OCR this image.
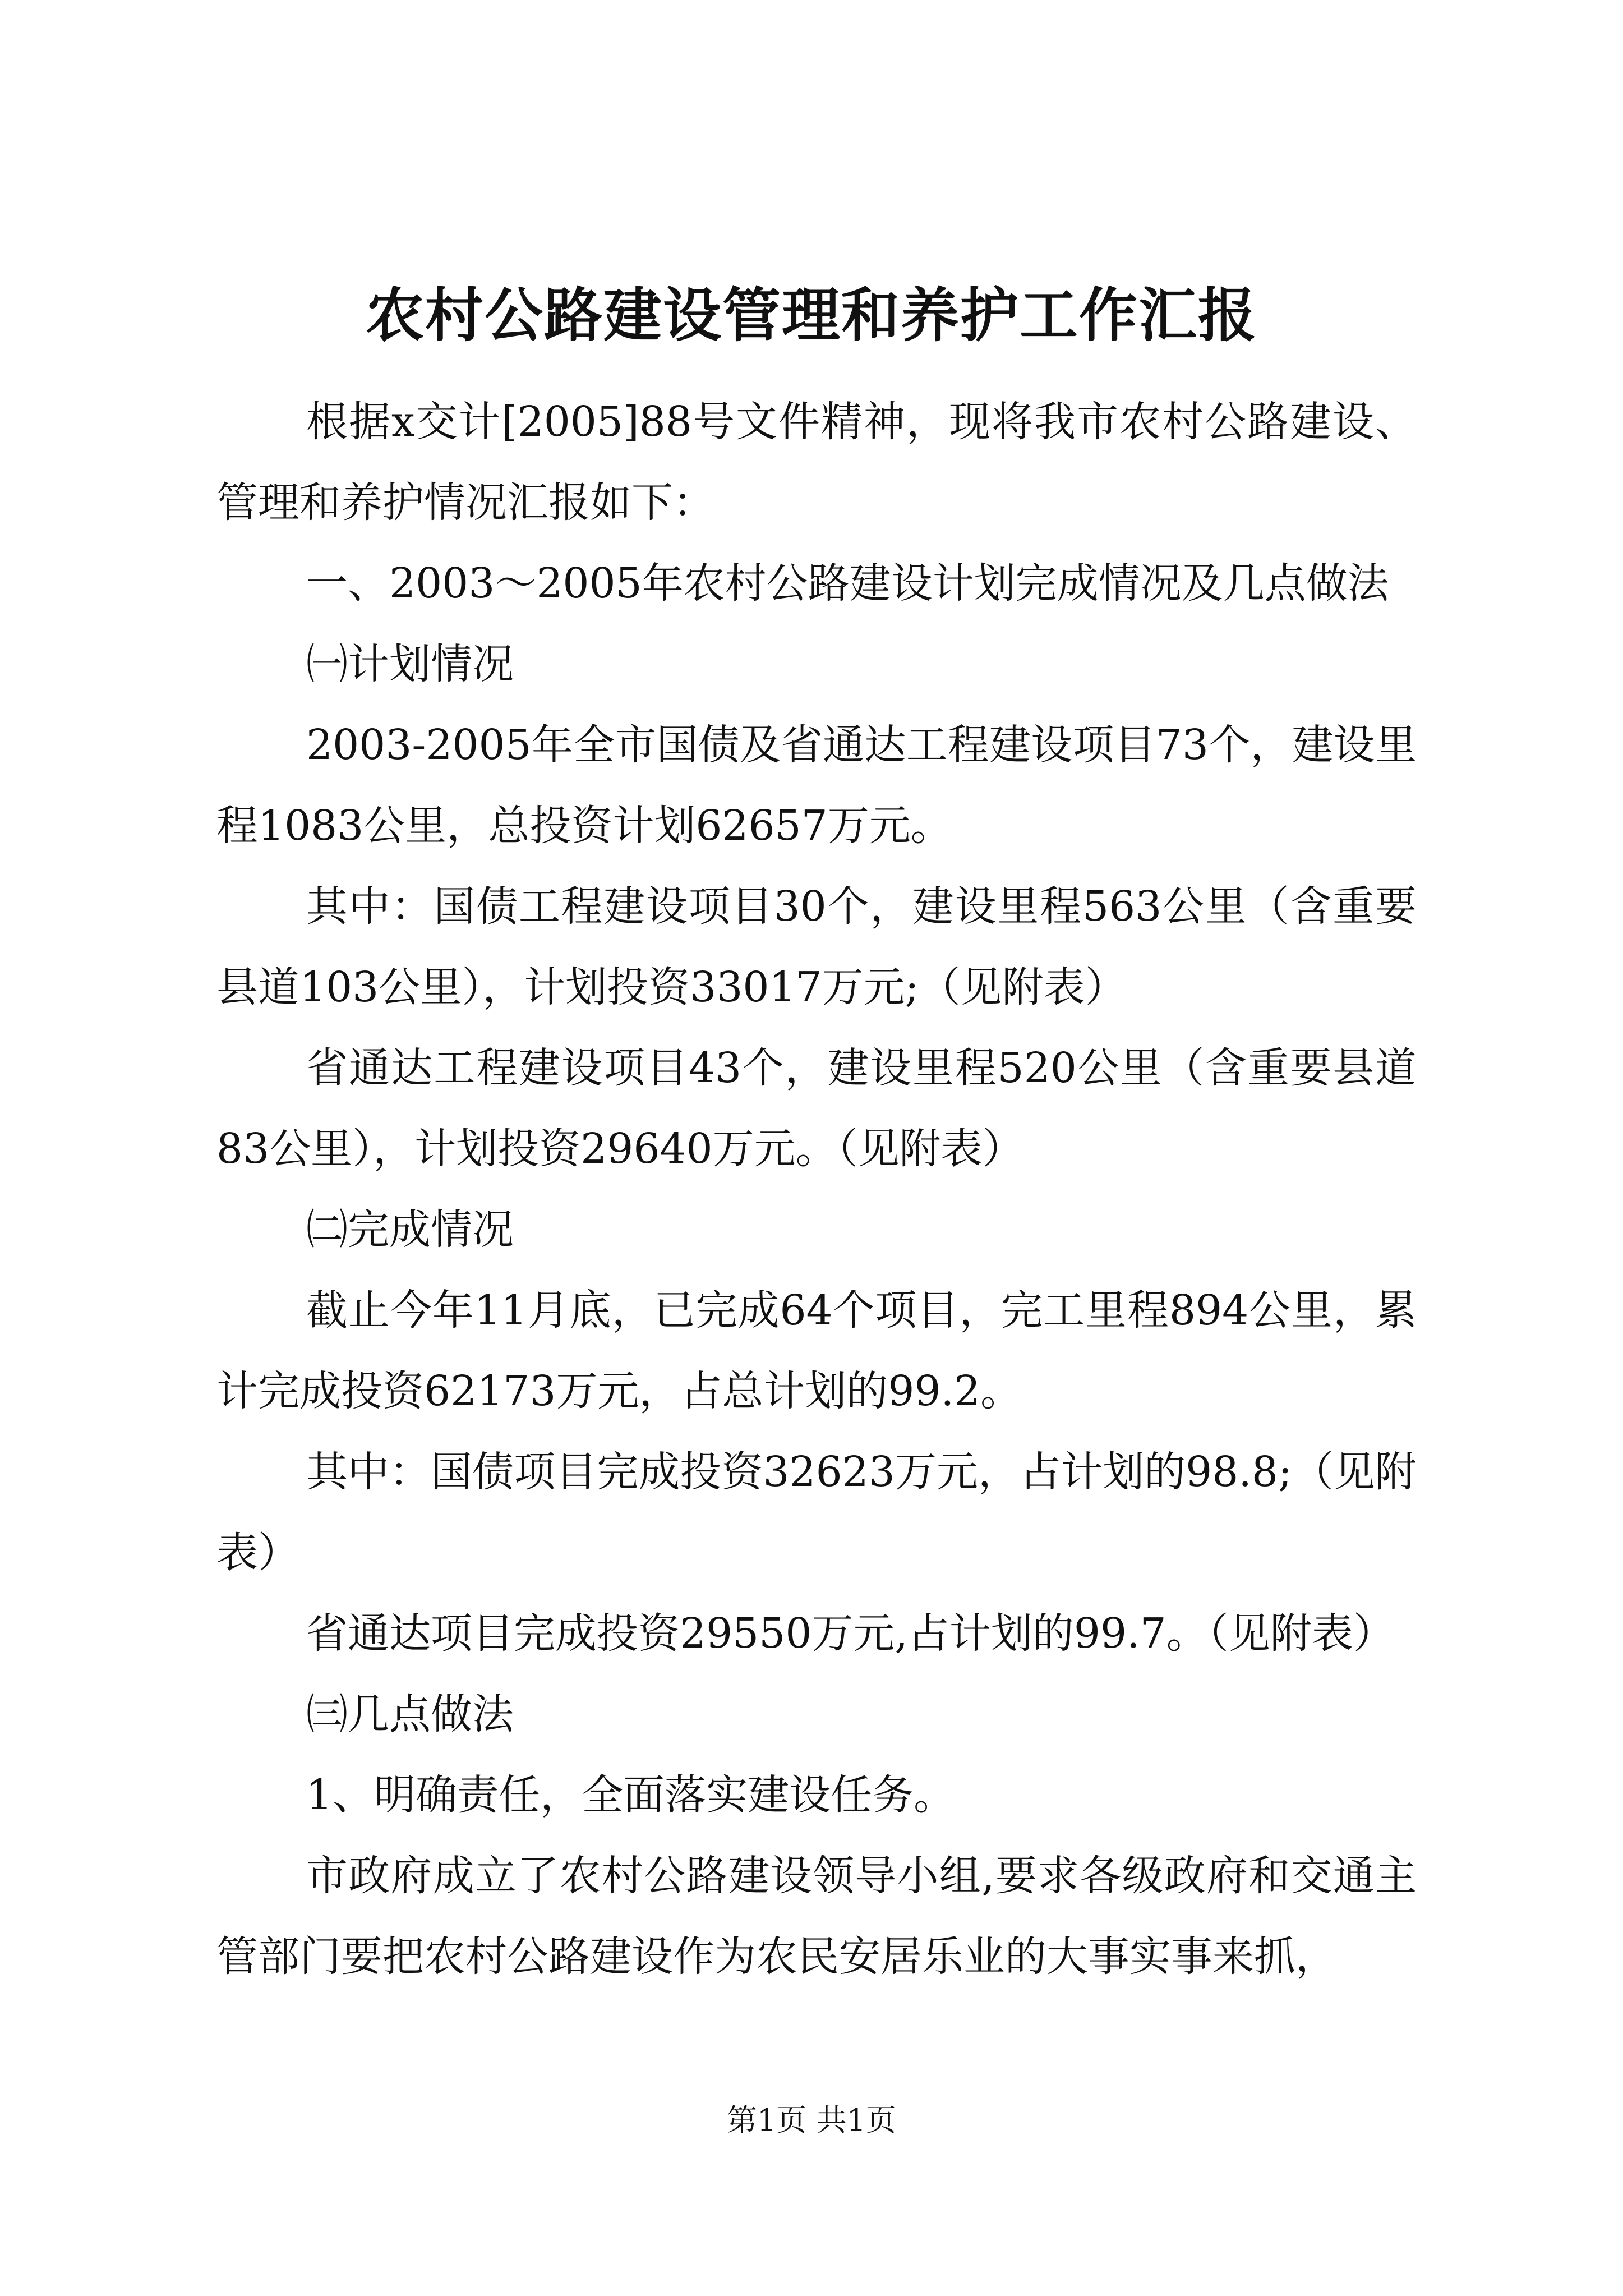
农村公路建设管理和养护工作汇报

根据x交计[2005]88号文件精神，现将我市农村公路建设、管理和养护情况汇报如下：

一、2003～2005年农村公路建设计划完成情况及几点做法

㈠计划情况

2003-2005年全市国债及省通达工程建设项目73个，建设里程1083公里，总投资计划62657万元。

其中：国债工程建设项目30个，建设里程563公里（含重要县道103公里），计划投资33017万元;（见附表）

省通达工程建设项目43个，建设里程520公里（含重要县道83公里），计划投资29640万元。（见附表）

㈡完成情况

截止今年11月底，已完成64个项目，完工里程894公里，累计完成投资62173万元，占总计划的99.2。

其中：国债项目完成投资32623万元，占计划的98.8;（见附表）

省通达项目完成投资29550万元,占计划的99.7。（见附表）

㈢几点做法

1、明确责任，全面落实建设任务。

市政府成立了农村公路建设领导小组,要求各级政府和交通主管部门要把农村公路建设作为农民安居乐业的大事实事来抓，

第1页 共1页
